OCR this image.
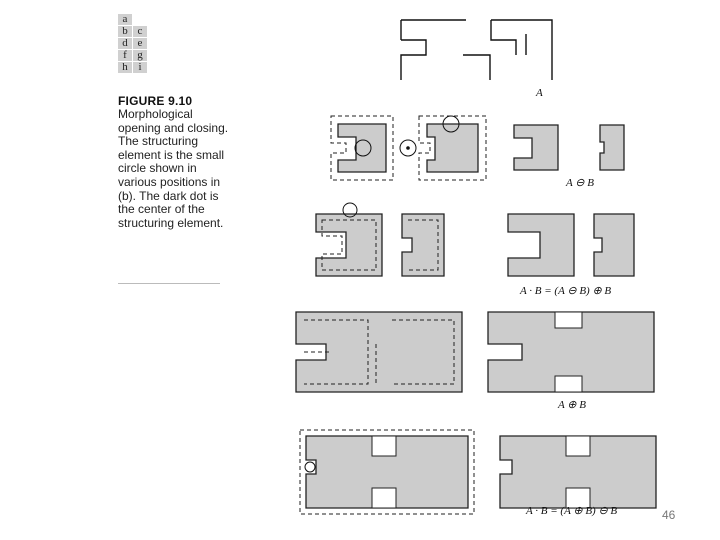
a
b c
d e
f g
h i
FIGURE 9.10
Morphological opening and closing. The structuring element is the small circle shown in various positions in (b). The dark dot is the center of the structuring element.
A
A ⊖ B
A · B = (A ⊖ B) ⊕ B
A ⊕ B
A · B = (A ⊕ B) ⊖ B	46
